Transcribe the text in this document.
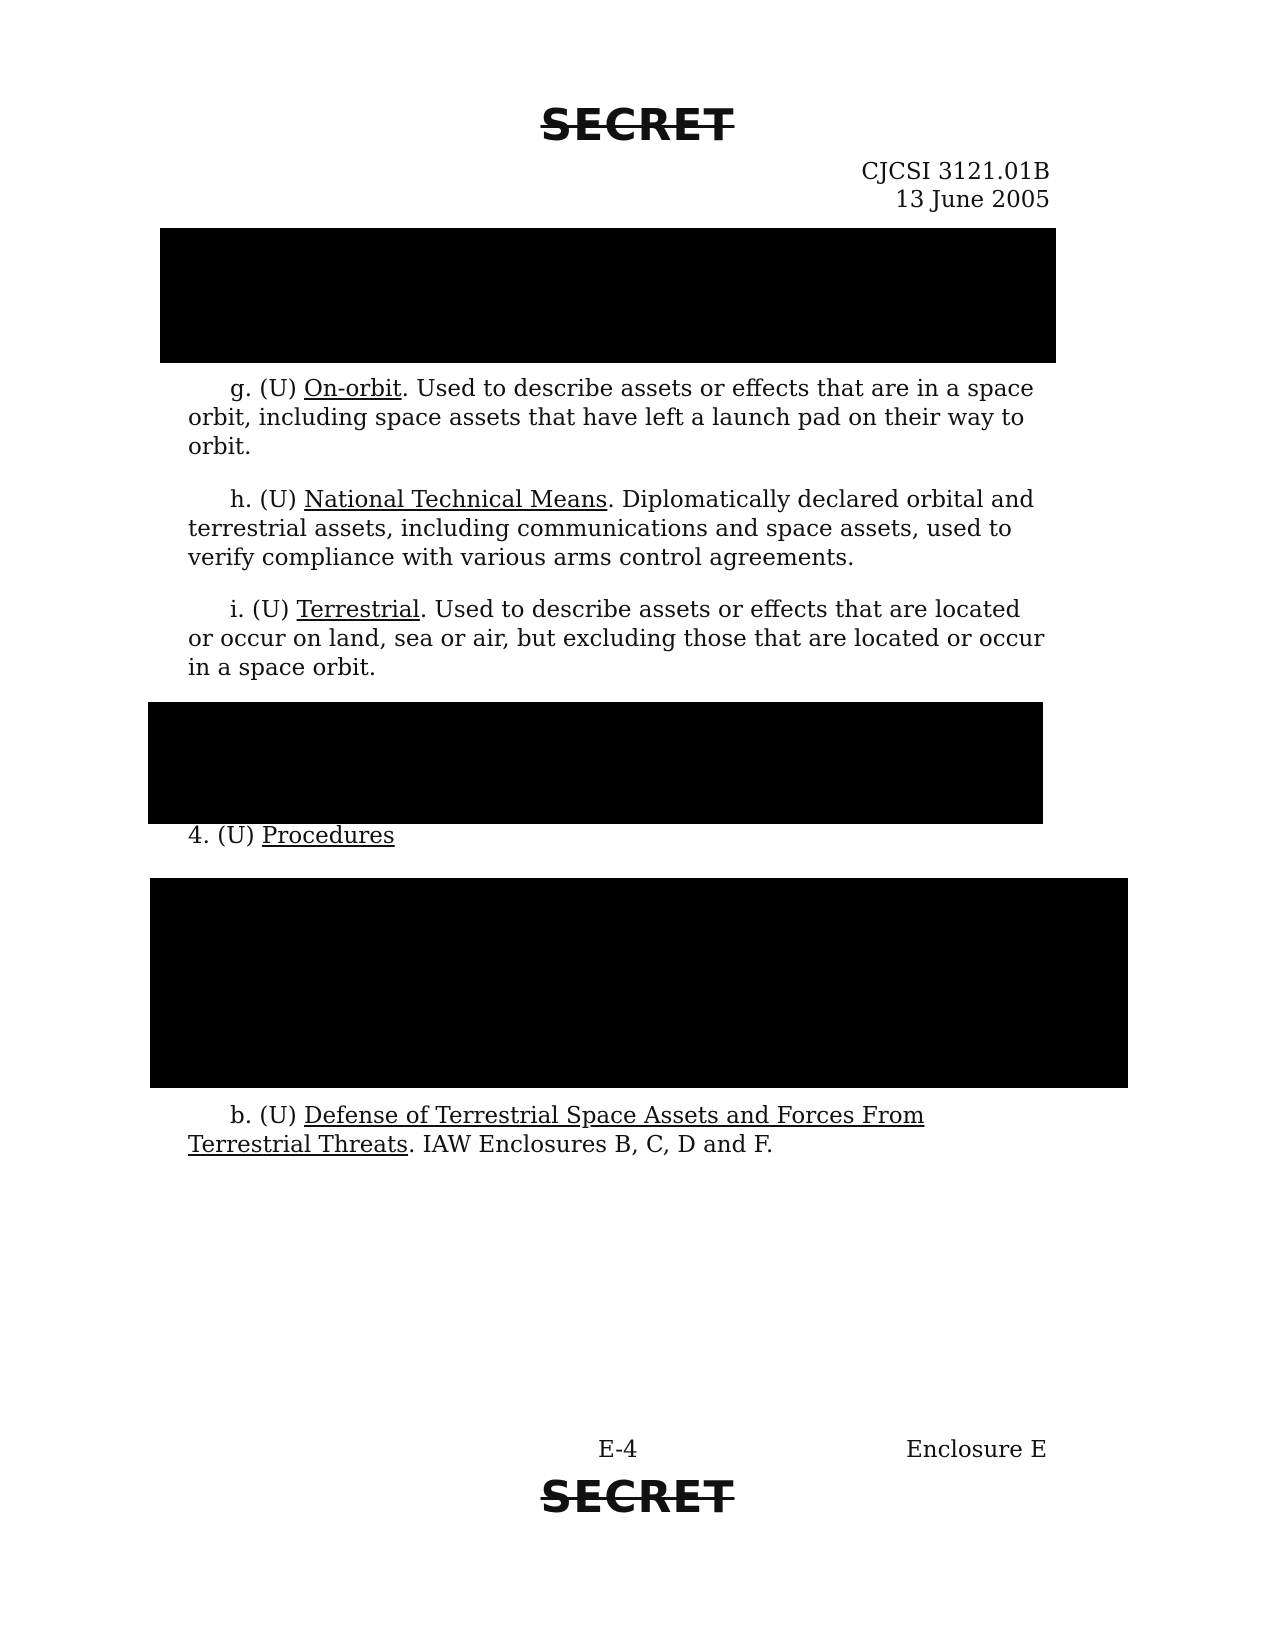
SECRET
CJCSI 3121.01B
13 June 2005

g. (U) On-orbit. Used to describe assets or effects that are in a space orbit, including space assets that have left a launch pad on their way to orbit.

h. (U) National Technical Means. Diplomatically declared orbital and terrestrial assets, including communications and space assets, used to verify compliance with various arms control agreements.

i. (U) Terrestrial. Used to describe assets or effects that are located or occur on land, sea or air, but excluding those that are located or occur in a space orbit.

4. (U) Procedures

b. (U) Defense of Terrestrial Space Assets and Forces From Terrestrial Threats. IAW Enclosures B, C, D and F.

E-4	Enclosure E
SECRET
